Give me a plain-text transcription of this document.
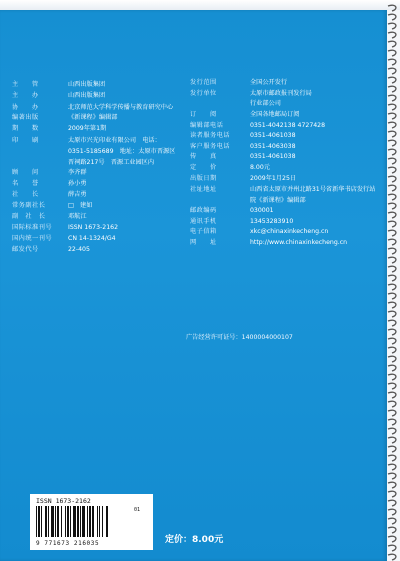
主　　管	山西出版集团
主　　办	山西出版集团
协　　办	北京师范大学科学传播与教育研究中心
编著出版	《新课程》编辑部
期　　数	2009年第1期
印　　刷	太原市兴光印业有限公司　电话：0351-5185689　地址：太原市晋源区晋祠路217号　晋源工业园区内
顾　　问	李齐群
名　　誉	孙小勇
社　　长	薛吉勇
常务副社长	□　建如
副　社　长	邓航江
国际标准刊号	ISSN 1673-2162
国内统一刊号	CN 14-1324/G4
邮发代号	22-405
发行范围	全国公开发行
发行单位	太原市邮政报刊发行局
行业部公司
订　　阅	全国各地邮局订阅
编辑部电话	0351-4042138 4727428
读者服务电话	0351-4061038
客户服务电话	0351-4063038
传　　真	0351-4061038
定　　价	8.00元
出版日期	2009年1月25日
社址地址	山西省太原市并州北路31号省新华书店发行站院《新课程》编辑部
邮政编码	030001
通讯手机	13453283910
电子信箱	xkc@chinaxinkecheng.cn
网　　址	http://www.chinaxinkecheng.cn
广告经营许可证号：1400004000107
ISSN 1673-2162
01
9 771673 216035	定价：8.00元
